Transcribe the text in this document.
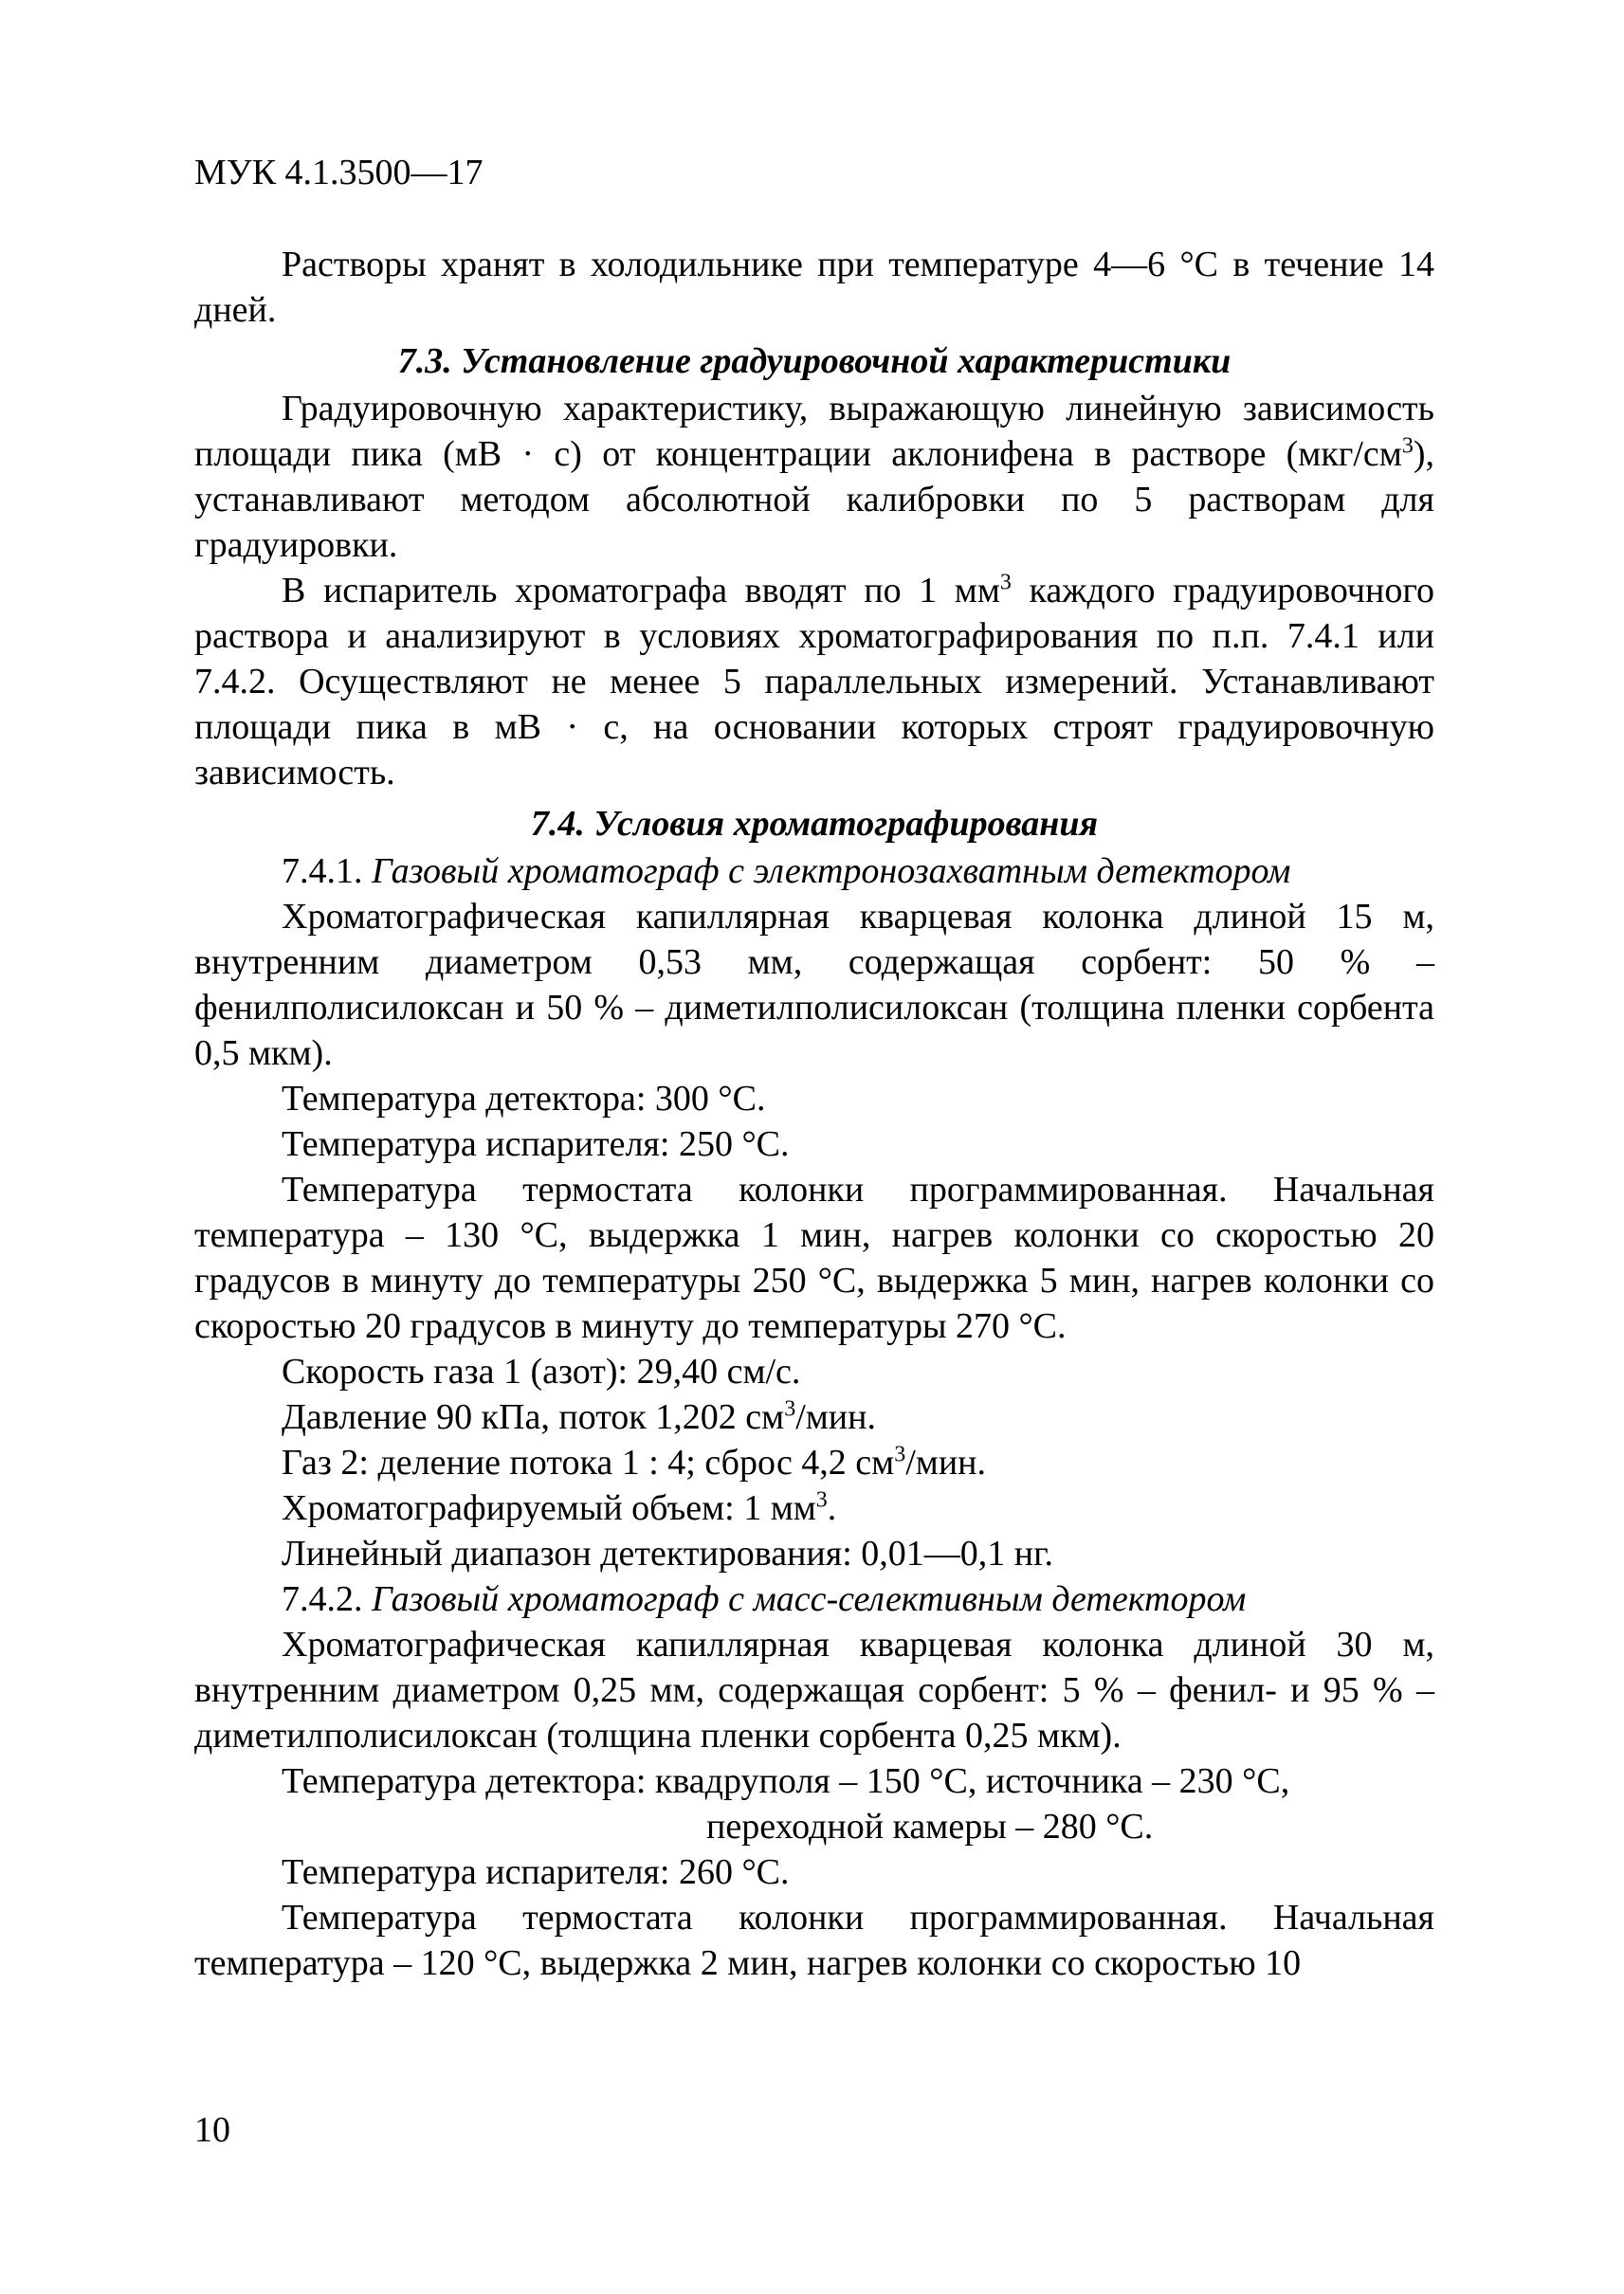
МУК 4.1.3500—17

Растворы хранят в холодильнике при температуре 4—6 °С в течение 14 дней.

7.3. Установление градуировочной характеристики

Градуировочную характеристику, выражающую линейную зависимость площади пика (мВ · с) от концентрации аклонифена в растворе $(мкг/см^3)$, устанавливают методом абсолютной калибровки по 5 растворам для градуировки.

В испаритель хроматографа вводят по 1 $мм^3$ каждого градуировочного раствора и анализируют в условиях хроматографирования по п.п. 7.4.1 или 7.4.2. Осуществляют не менее 5 параллельных измерений. Устанавливают площади пика в мВ · с, на основании которых строят градуировочную зависимость.

7.4. Условия хроматографирования

7.4.1. Газовый хроматограф с электронозахватным детектором

Хроматографическая капиллярная кварцевая колонка длиной 15 м, внутренним диаметром 0,53 мм, содержащая сорбент: 50 % – фенилполисилоксан и 50 % – диметилполисилоксан (толщина пленки сорбента 0,5 мкм).

Температура детектора: 300 °С.

Температура испарителя: 250 °С.

Температура термостата колонки программированная. Начальная температура – 130 °С, выдержка 1 мин, нагрев колонки со скоростью 20 градусов в минуту до температуры 250 °С, выдержка 5 мин, нагрев колонки со скоростью 20 градусов в минуту до температуры 270 °С.

Скорость газа 1 (азот): 29,40 см/с.

Давление 90 кПа, поток 1,202 $см^3$/мин.

Газ 2: деление потока 1 : 4; сброс 4,2 $см^3$/мин.

Хроматографируемый объем: 1 $мм^3$.

Линейный диапазон детектирования: 0,01—0,1 нг.

7.4.2. Газовый хроматограф с масс-селективным детектором

Хроматографическая капиллярная кварцевая колонка длиной 30 м, внутренним диаметром 0,25 мм, содержащая сорбент: 5 % – фенил- и 95 % – диметилполисилоксан (толщина пленки сорбента 0,25 мкм).

Температура детектора: квадруполя – 150 °С, источника – 230 °С,

переходной камеры – 280 °С.

Температура испарителя: 260 °С.

Температура термостата колонки программированная. Начальная температура – 120 °С, выдержка 2 мин, нагрев колонки со скоростью 10

10
